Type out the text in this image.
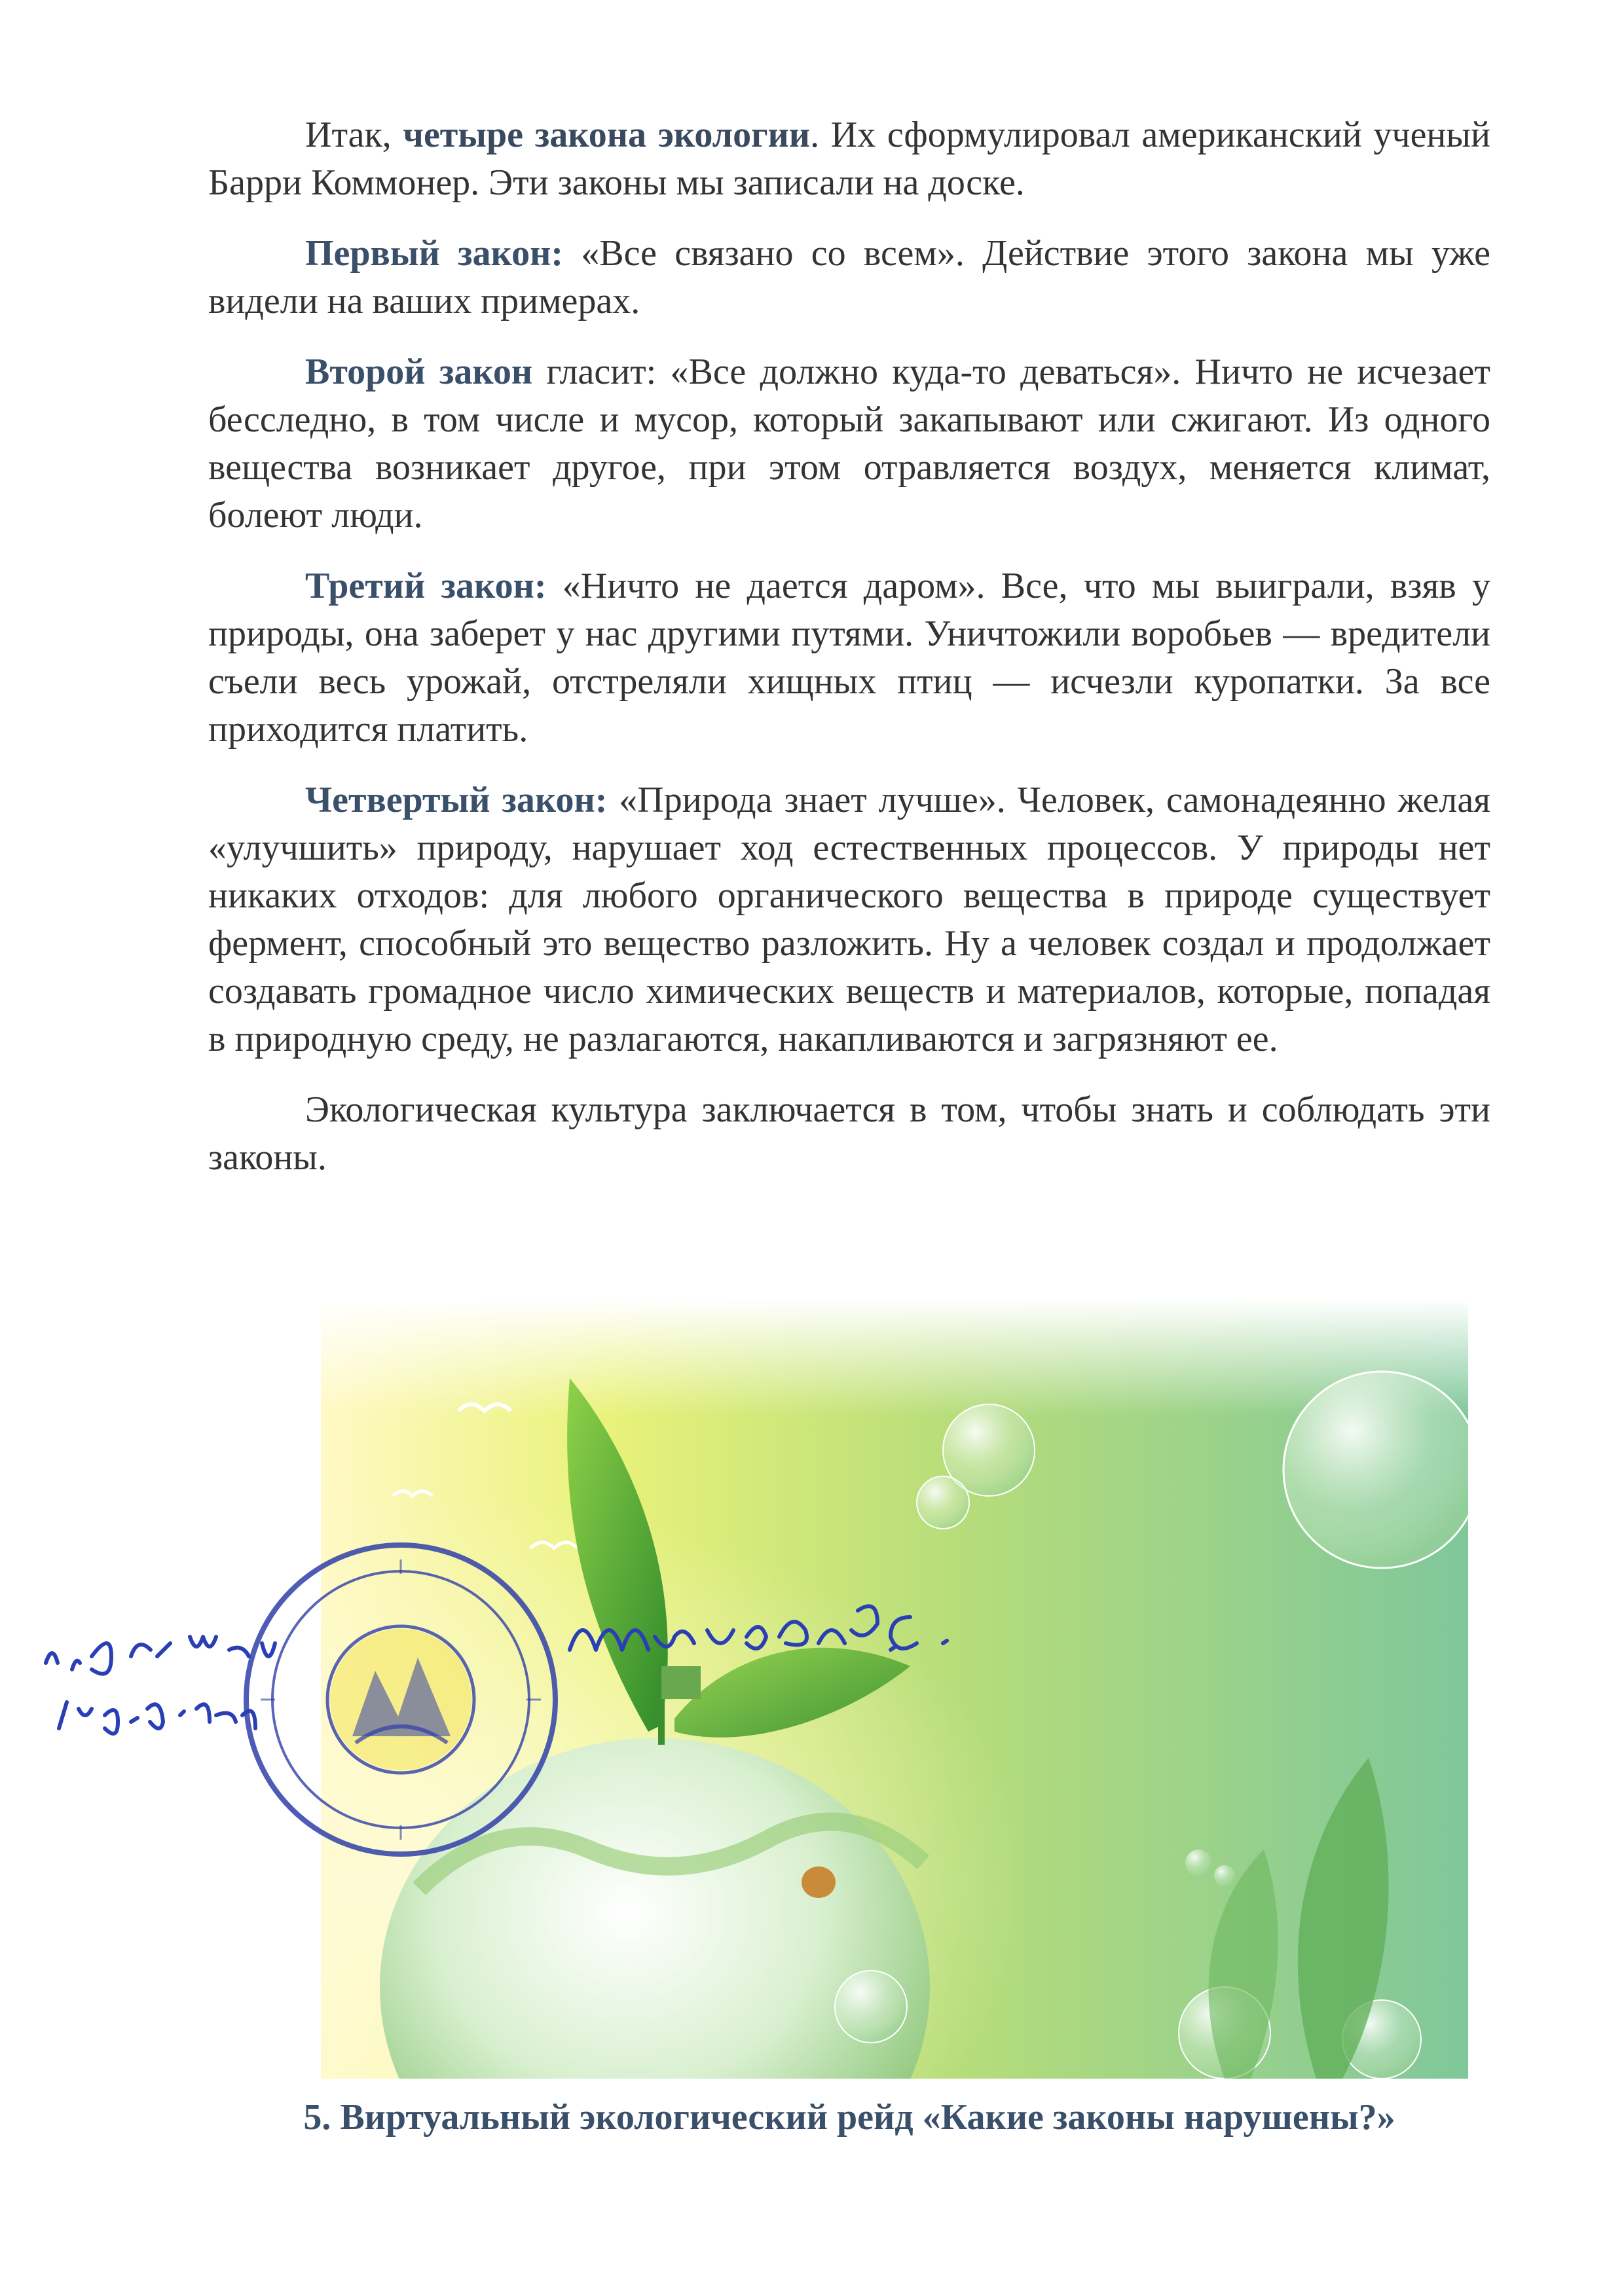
Итак, четыре закона экологии. Их сформулировал американский ученый Барри Коммонер. Эти законы мы записали на доске.

Первый закон: «Все связано со всем». Действие этого закона мы уже видели на ваших примерах.

Второй закон гласит: «Все должно куда-то деваться». Ничто не исчезает бесследно, в том числе и мусор, который закапывают или сжигают. Из одного вещества возникает другое, при этом отравляется воздух, меняется климат, болеют люди.

Третий закон: «Ничто не дается даром». Все, что мы выиграли, взяв у природы, она заберет у нас другими путями. Уничтожили воробьев — вредители съели весь урожай, отстреляли хищных птиц — исчезли куропатки. За все приходится платить.

Четвертый закон: «Природа знает лучше». Человек, самонадеянно желая «улучшить» природу, нарушает ход естественных процессов. У природы нет никаких отходов: для любого органического вещества в природе существует фермент, способный это вещество разложить. Ну а человек создал и продолжает создавать громадное число химических веществ и материалов, которые, попадая в природную среду, не разлагаются, накапливаются и загрязняют ее.

Экологическая культура заключается в том, чтобы знать и соблюдать эти законы.

5. Виртуальный экологический рейд «Какие законы нарушены?»
